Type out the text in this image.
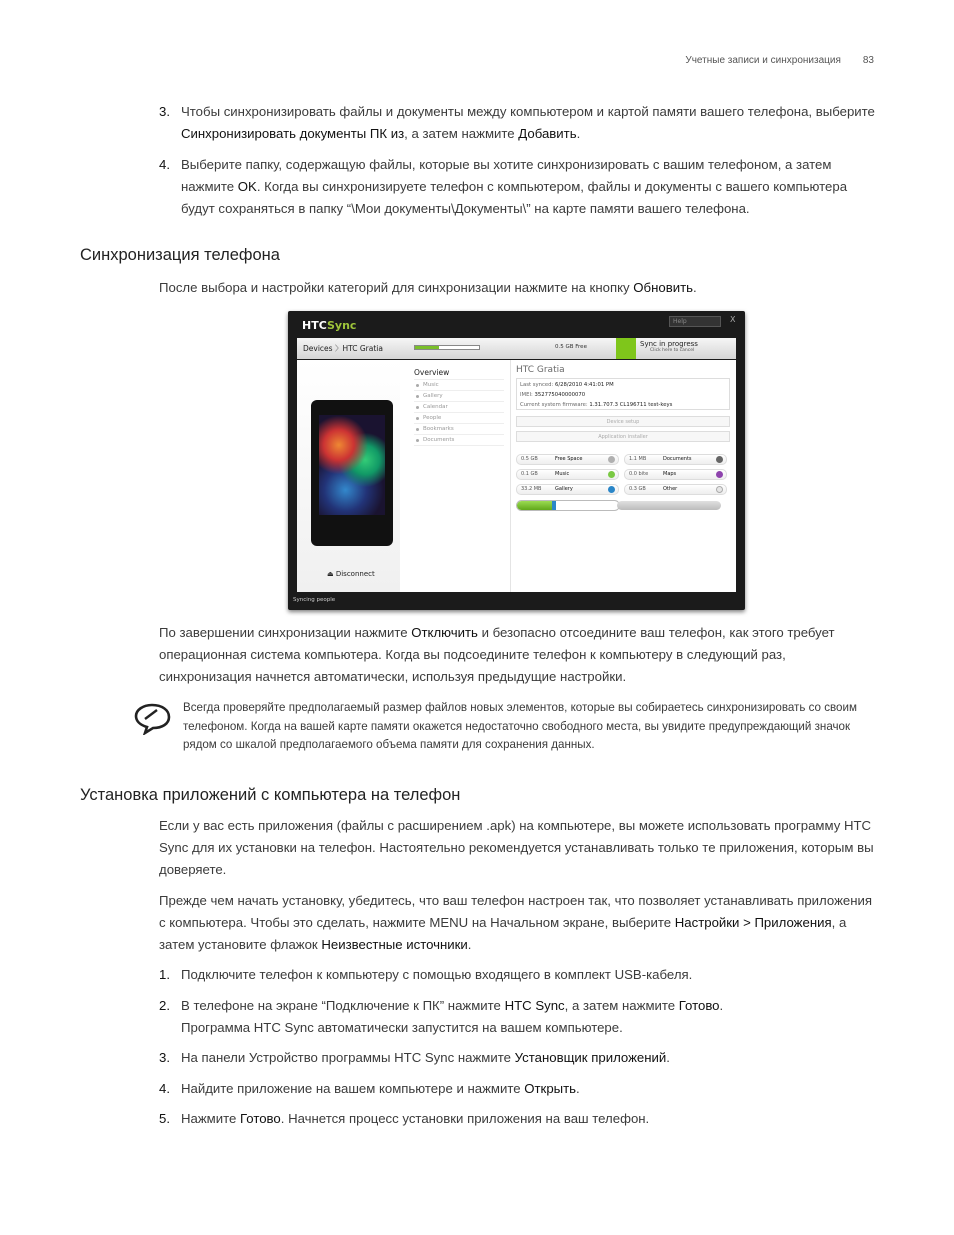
Учетные записи и синхронизация 83
3. Чтобы синхронизировать файлы и документы между компьютером и картой памяти вашего телефона, выберите Синхронизировать документы ПК из, а затем нажмите Добавить.
4. Выберите папку, содержащую файлы, которые вы хотите синхронизировать с вашим телефоном, а затем нажмите OK. Когда вы синхронизируете телефон с компьютером, файлы и документы с вашего компьютера будут сохраняться в папку “\Мои документы\Документы\” на карте памяти вашего телефона.
Синхронизация телефона
После выбора и настройки категорий для синхронизации нажмите на кнопку Обновить.
HTCSync	Help	X
Devices 〉HTC Gratia	0.5 GB Free	Sync in progress
Click here to cancel
⏏ Disconnect
Overview
Music
Gallery
Calendar
People
Bookmarks
Documents
HTC Gratia
Last synced: 6/28/2010 4:41:01 PM
IMEI: 352775040000070
Current system firmware: 1.31.707.3 CL196711 test-keys
Device setup
Application installer
0.5 GB	Free Space	1.1 MB	Documents
0.1 GB	Music	0.0 bite	Maps
33.2 MB	Gallery	0.3 GB	Other
Syncing people
По завершении синхронизации нажмите Отключить и безопасно отсоедините ваш телефон, как этого требует операционная система компьютера. Когда вы подсоедините телефон к компьютеру в следующий раз, синхронизация начнется автоматически, используя предыдущие настройки.
Всегда проверяйте предполагаемый размер файлов новых элементов, которые вы собираетесь синхронизировать со своим телефоном. Когда на вашей карте памяти окажется недостаточно свободного места, вы увидите предупреждающий значок рядом со шкалой предполагаемого объема памяти для сохранения данных.
Установка приложений с компьютера на телефон
Если у вас есть приложения (файлы с расширением .apk) на компьютере, вы можете использовать программу HTC Sync для их установки на телефон. Настоятельно рекомендуется устанавливать только те приложения, которым вы доверяете.
Прежде чем начать установку, убедитесь, что ваш телефон настроен так, что позволяет устанавливать приложения с компьютера. Чтобы это сделать, нажмите MENU на Начальном экране, выберите Настройки > Приложения, а затем установите флажок Неизвестные источники.
1. Подключите телефон к компьютеру с помощью входящего в комплект USB-кабеля.
2. В телефоне на экране “Подключение к ПК” нажмите HTC Sync, а затем нажмите Готово.
Программа HTC Sync автоматически запустится на вашем компьютере.
3. На панели Устройство программы HTC Sync нажмите Установщик приложений.
4. Найдите приложение на вашем компьютере и нажмите Открыть.
5. Нажмите Готово. Начнется процесс установки приложения на ваш телефон.
